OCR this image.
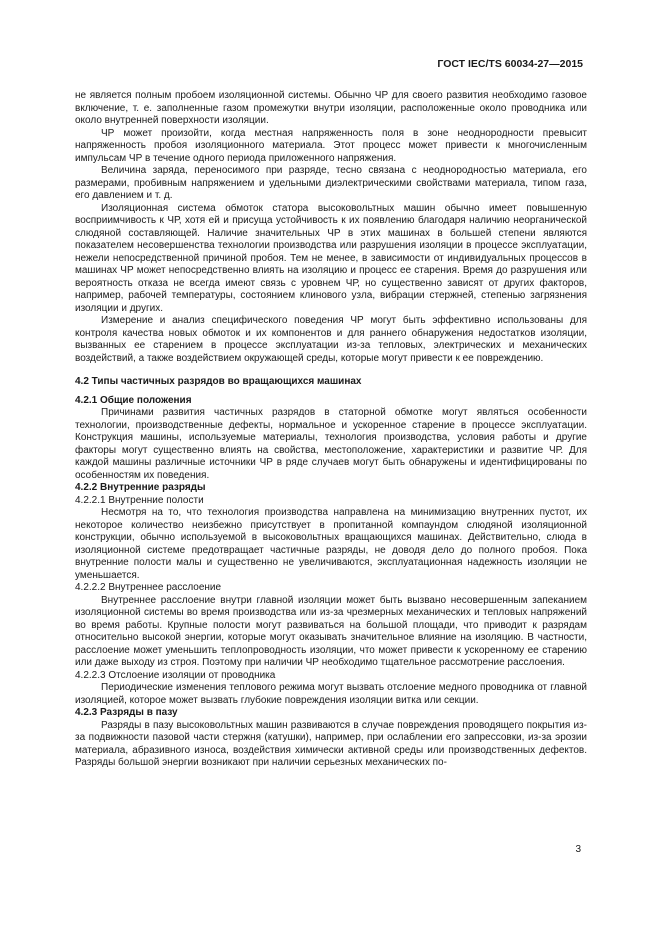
ГОСТ IEC/TS 60034-27—2015

не является полным пробоем изоляционной системы. Обычно ЧР для своего развития необходимо газовое включение, т. е. заполненные газом промежутки внутри изоляции, расположенные около проводника или около внутренней поверхности изоляции.

ЧР может произойти, когда местная напряженность поля в зоне неоднородности превысит напряженность пробоя изоляционного материала. Этот процесс может привести к многочисленным импульсам ЧР в течение одного периода приложенного напряжения.

Величина заряда, переносимого при разряде, тесно связана с неоднородностью материала, его размерами, пробивным напряжением и удельными диэлектрическими свойствами материала, типом газа, его давлением и т. д.

Изоляционная система обмоток статора высоковольтных машин обычно имеет повышенную восприимчивость к ЧР, хотя ей и присуща устойчивость к их появлению благодаря наличию неорганической слюдяной составляющей. Наличие значительных ЧР в этих машинах в большей степени являются показателем несовершенства технологии производства или разрушения изоляции в процессе эксплуатации, нежели непосредственной причиной пробоя. Тем не менее, в зависимости от индивидуальных процессов в машинах ЧР может непосредственно влиять на изоляцию и процесс ее старения. Время до разрушения или вероятность отказа не всегда имеют связь с уровнем ЧР, но существенно зависят от других факторов, например, рабочей температуры, состоянием клинового узла, вибрации стержней, степенью загрязнения изоляции и других.

Измерение и анализ специфического поведения ЧР могут быть эффективно использованы для контроля качества новых обмоток и их компонентов и для раннего обнаружения недостатков изоляции, вызванных ее старением в процессе эксплуатации из-за тепловых, электрических и механических воздействий, а также воздействием окружающей среды, которые могут привести к ее повреждению.

4.2 Типы частичных разрядов во вращающихся машинах

4.2.1 Общие положения

Причинами развития частичных разрядов в статорной обмотке могут являться особенности технологии, производственные дефекты, нормальное и ускоренное старение в процессе эксплуатации. Конструкция машины, используемые материалы, технология производства, условия работы и другие факторы могут существенно влиять на свойства, местоположение, характеристики и развитие ЧР. Для каждой машины различные источники ЧР в ряде случаев могут быть обнаружены и идентифицированы по особенностям их поведения.

4.2.2 Внутренние разряды

4.2.2.1 Внутренние полости

Несмотря на то, что технология производства направлена на минимизацию внутренних пустот, их некоторое количество неизбежно присутствует в пропитанной компаундом слюдяной изоляционной конструкции, обычно используемой в высоковольтных вращающихся машинах. Действительно, слюда в изоляционной системе предотвращает частичные разряды, не доводя дело до полного пробоя. Пока внутренние полости малы и существенно не увеличиваются, эксплуатационная надежность изоляции не уменьшается.

4.2.2.2 Внутреннее расслоение

Внутреннее расслоение внутри главной изоляции может быть вызвано несовершенным запеканием изоляционной системы во время производства или из-за чрезмерных механических и тепловых напряжений во время работы. Крупные полости могут развиваться на большой площади, что приводит к разрядам относительно высокой энергии, которые могут оказывать значительное влияние на изоляцию. В частности, расслоение может уменьшить теплопроводность изоляции, что может привести к ускоренному ее старению или даже выходу из строя. Поэтому при наличии ЧР необходимо тщательное рассмотрение расслоения.

4.2.2.3 Отслоение изоляции от проводника

Периодические изменения теплового режима могут вызвать отслоение медного проводника от главной изоляцией, которое может вызвать глубокие повреждения изоляции витка или секции.

4.2.3 Разряды в пазу

Разряды в пазу высоковольтных машин развиваются в случае повреждения проводящего покрытия из-за подвижности пазовой части стержня (катушки), например, при ослаблении его запрессовки, из-за эрозии материала, абразивного износа, воздействия химически активной среды или производственных дефектов. Разряды большой энергии возникают при наличии серьезных механических по-

3
